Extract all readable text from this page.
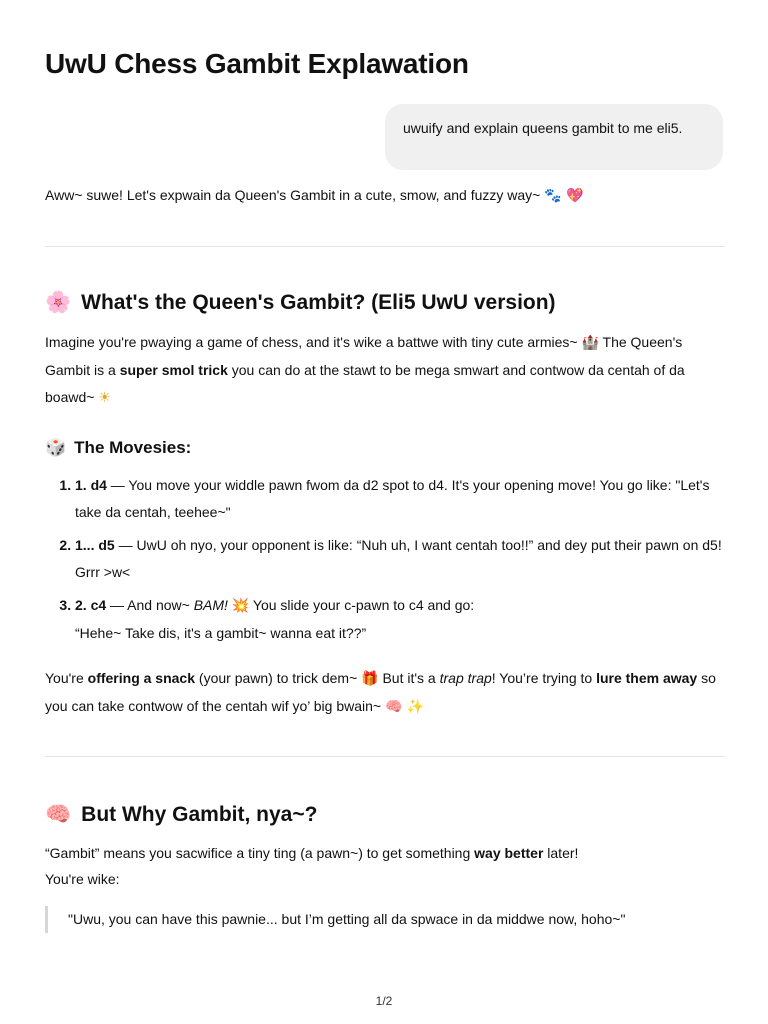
UwU Chess Gambit Explawation
uwuify and explain queens gambit to me eli5.

Aww~ suwe! Let's expwain da Queen's Gambit in a cute, smow, and fuzzy way~ 🐾 💖

🌸 What's the Queen's Gambit? (Eli5 UwU version)

Imagine you're pwaying a game of chess, and it's wike a battwe with tiny cute armies~ 🏰 The Queen's Gambit is a super smol trick you can do at the stawt to be mega smwart and contwow da centah of da boawd~ ☀

🎲 The Movesies:
1. 1. d4 — You move your widdle pawn fwom da d2 spot to d4. It's your opening move! You go like: "Let's take da centah, teehee~"
2. 1... d5 — UwU oh nyo, your opponent is like: “Nuh uh, I want centah too!!” and dey put their pawn on d5! Grrr >w<
3. 2. c4 — And now~ BAM! 💥 You slide your c-pawn to c4 and go:
“Hehe~ Take dis, it's a gambit~ wanna eat it??”

You're offering a snack (your pawn) to trick dem~ 🎁 But it's a trap trap! You’re trying to lure them away so you can take contwow of the centah wif yo’ big bwain~ 🧠 ✨

🧠 But Why Gambit, nya~?

“Gambit” means you sacwifice a tiny ting (a pawn~) to get something way better later!
You're wike:

"Uwu, you can have this pawnie... but I’m getting all da spwace in da middwe now, hoho~"
1/2
